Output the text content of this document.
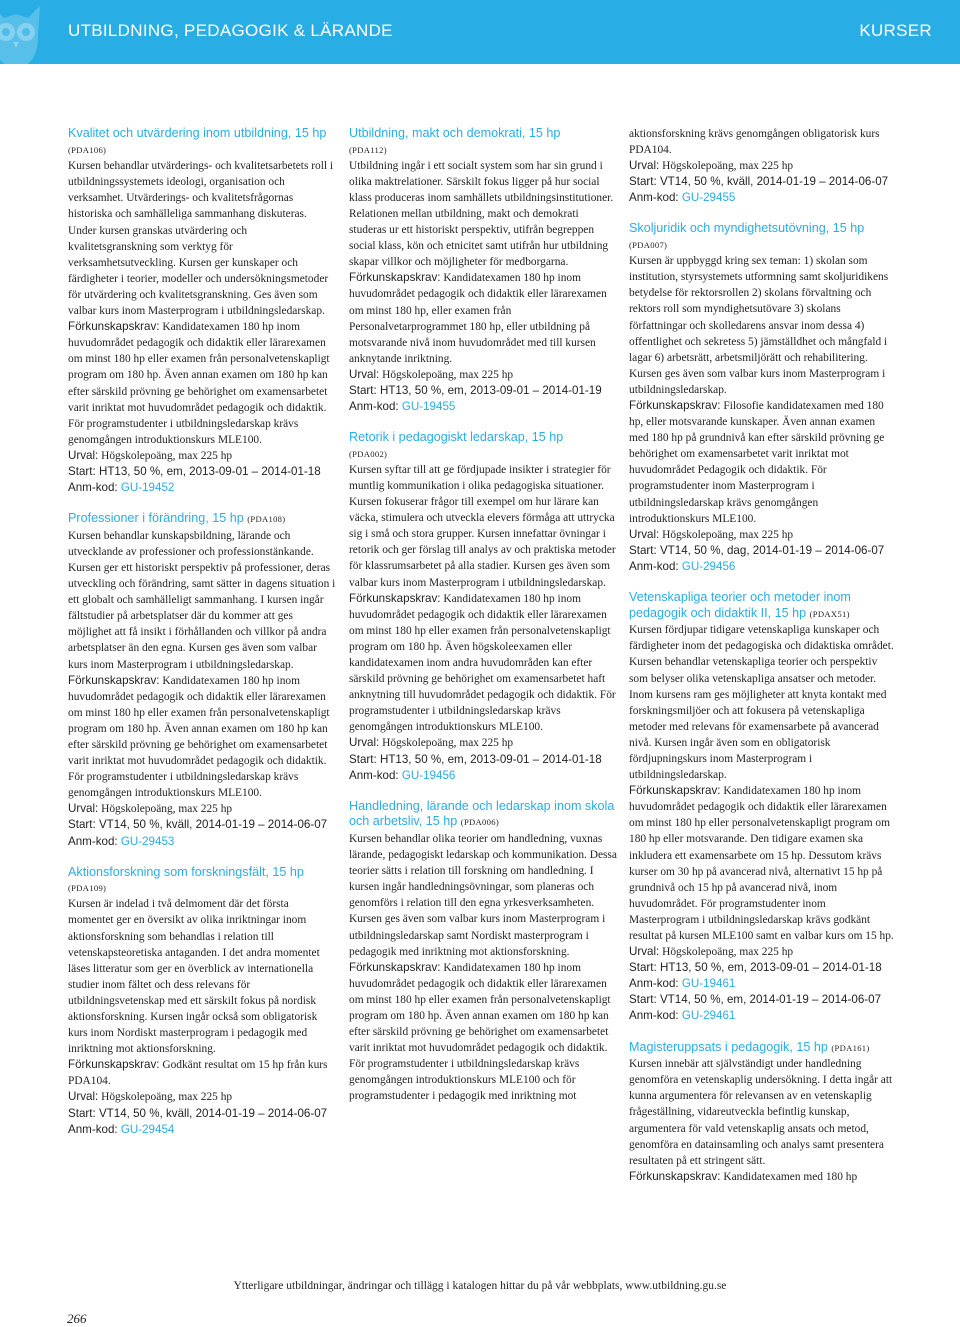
UTBILDNING, PEDAGOGIK & LÄRANDE	KURSER

Kvalitet och utvärdering inom utbildning, 15 hp (PDA106)

Kursen behandlar utvärderings- och kvalitetsarbetets roll i utbildningssystemets ideologi, organisation och verksamhet. Utvärderings- och kvalitetsfrågornas historiska och samhälleliga sammanhang diskuteras. Under kursen granskas utvärdering och kvalitetsgranskning som verktyg för verksamhetsutveckling. Kursen ger kunskaper och färdigheter i teorier, modeller och undersökningsmetoder för utvärdering och kvalitetsgranskning. Ges även som valbar kurs inom Masterprogram i utbildningsledarskap.

Förkunskapskrav: Kandidatexamen 180 hp inom huvudområdet pedagogik och didaktik eller lärarexamen om minst 180 hp eller examen från personalvetenskapligt program om 180 hp. Även annan examen om 180 hp kan efter särskild prövning ge behörighet om examensarbetet varit inriktat mot huvudområdet pedagogik och didaktik. För programstudenter i utbildningsledarskap krävs genomgången introduktionskurs MLE100.

Urval: Högskolepoäng, max 225 hp

Start: HT13, 50 %, em, 2013-09-01 – 2014-01-18

Anm-kod: GU-19452

Professioner i förändring, 15 hp (PDA108)

Kursen behandlar kunskapsbildning, lärande och utvecklande av professioner och professionstänkande. Kursen ger ett historiskt perspektiv på professioner, deras utveckling och förändring, samt sätter in dagens situation i ett globalt och samhälleligt sammanhang. I kursen ingår fältstudier på arbetsplatser där du kommer att ges möjlighet att få insikt i förhållanden och villkor på andra arbetsplatser än den egna. Kursen ges även som valbar kurs inom Masterprogram i utbildningsledarskap.

Förkunskapskrav: Kandidatexamen 180 hp inom huvudområdet pedagogik och didaktik eller lärarexamen om minst 180 hp eller examen från personalvetenskapligt program om 180 hp. Även annan examen om 180 hp kan efter särskild prövning ge behörighet om examensarbetet varit inriktat mot huvudområdet pedagogik och didaktik. För programstudenter i utbildningsledarskap krävs genomgången introduktionskurs MLE100.

Urval: Högskolepoäng, max 225 hp

Start: VT14, 50 %, kväll, 2014-01-19 – 2014-06-07

Anm-kod: GU-29453

Aktionsforskning som forskningsfält, 15 hp

(PDA109)

Kursen är indelad i två delmoment där det första momentet ger en översikt av olika inriktningar inom aktionsforskning som behandlas i relation till vetenskapsteoretiska antaganden. I det andra momentet läses litteratur som ger en överblick av internationella studier inom fältet och dess relevans för utbildningsvetenskap med ett särskilt fokus på nordisk aktionsforskning. Kursen ingår också som obligatorisk kurs inom Nordiskt masterprogram i pedagogik med inriktning mot aktionsforskning.

Förkunskapskrav: Godkänt resultat om 15 hp från kurs PDA104.

Urval: Högskolepoäng, max 225 hp

Start: VT14, 50 %, kväll, 2014-01-19 – 2014-06-07

Anm-kod: GU-29454

Utbildning, makt och demokrati, 15 hp

(PDA112)

Utbildning ingår i ett socialt system som har sin grund i olika maktrelationer. Särskilt fokus ligger på hur social klass produceras inom samhällets utbildningsinstitutioner. Relationen mellan utbildning, makt och demokrati studeras ur ett historiskt perspektiv, utifrån begreppen social klass, kön och etnicitet samt utifrån hur utbildning skapar villkor och möjligheter för medborgarna.

Förkunskapskrav: Kandidatexamen 180 hp inom huvudområdet pedagogik och didaktik eller lärarexamen om minst 180 hp, eller examen från Personalvetarprogrammet 180 hp, eller utbildning på motsvarande nivå inom huvudområdet med till kursen anknytande inriktning.

Urval: Högskolepoäng, max 225 hp

Start: HT13, 50 %, em, 2013-09-01 – 2014-01-19

Anm-kod: GU-19455

Retorik i pedagogiskt ledarskap, 15 hp

(PDA002)

Kursen syftar till att ge fördjupade insikter i strategier för muntlig kommunikation i olika pedagogiska situationer. Kursen fokuserar frågor till exempel om hur lärare kan väcka, stimulera och utveckla elevers förmåga att uttrycka sig i små och stora grupper. Kursen innefattar övningar i retorik och ger förslag till analys av och praktiska metoder för klassrumsarbetet på alla stadier. Kursen ges även som valbar kurs inom Masterprogram i utbildningsledarskap.

Förkunskapskrav: Kandidatexamen 180 hp inom huvudområdet pedagogik och didaktik eller lärarexamen om minst 180 hp eller examen från personalvetenskapligt program om 180 hp. Även högskoleexamen eller kandidatexamen inom andra huvudområden kan efter särskild prövning ge behörighet om examensarbetet haft anknytning till huvudområdet pedagogik och didaktik. För programstudenter i utbildningsledarskap krävs genomgången introduktionskurs MLE100.

Urval: Högskolepoäng, max 225 hp

Start: HT13, 50 %, em, 2013-09-01 – 2014-01-18

Anm-kod: GU-19456

Handledning, lärande och ledarskap inom skola och arbetsliv, 15 hp (PDA006)

Kursen behandlar olika teorier om handledning, vuxnas lärande, pedagogiskt ledarskap och kommunikation. Dessa teorier sätts i relation till forskning om handledning. I kursen ingår handledningsövningar, som planeras och genomförs i relation till den egna yrkesverksamheten. Kursen ges även som valbar kurs inom Masterprogram i utbildningsledarskap samt Nordiskt masterprogram i pedagogik med inriktning mot aktionsforskning.

Förkunskapskrav: Kandidatexamen 180 hp inom huvudområdet pedagogik och didaktik eller lärarexamen om minst 180 hp eller examen från personalvetenskapligt program om 180 hp. Även annan examen om 180 hp kan efter särskild prövning ge behörighet om examensarbetet varit inriktat mot huvudområdet pedagogik och didaktik. För programstudenter i utbildningsledarskap krävs genomgången introduktionskurs MLE100 och för programstudenter i pedagogik med inriktning mot

aktionsforskning krävs genomgången obligatorisk kurs PDA104.

Urval: Högskolepoäng, max 225 hp

Start: VT14, 50 %, kväll, 2014-01-19 – 2014-06-07

Anm-kod: GU-29455

Skoljuridik och myndighetsutövning, 15 hp

(PDA007)

Kursen är uppbyggd kring sex teman: 1) skolan som institution, styrsystemets utformning samt skoljuridikens betydelse för rektorsrollen 2) skolans förvaltning och rektors roll som myndighetsutövare 3) skolans författningar och skolledarens ansvar inom dessa 4) offentlighet och sekretess 5) jämställdhet och mångfald i lagar 6) arbetsrätt, arbetsmiljörätt och rehabilitering. Kursen ges även som valbar kurs inom Masterprogram i utbildningsledarskap.

Förkunskapskrav: Filosofie kandidatexamen med 180 hp, eller motsvarande kunskaper. Även annan examen med 180 hp på grundnivå kan efter särskild prövning ge behörighet om examensarbetet varit inriktat mot huvudområdet Pedagogik och didaktik. För programstudenter inom Masterprogram i utbildningsledarskap krävs genomgången introduktionskurs MLE100.

Urval: Högskolepoäng, max 225 hp

Start: VT14, 50 %, dag, 2014-01-19 – 2014-06-07

Anm-kod: GU-29456

Vetenskapliga teorier och metoder inom pedagogik och didaktik II, 15 hp (PDAX51)

Kursen fördjupar tidigare vetenskapliga kunskaper och färdigheter inom det pedagogiska och didaktiska området. Kursen behandlar vetenskapliga teorier och perspektiv som belyser olika vetenskapliga ansatser och metoder. Inom kursens ram ges möjligheter att knyta kontakt med forskningsmiljöer och att fokusera på vetenskapliga metoder med relevans för examensarbete på avancerad nivå. Kursen ingår även som en obligatorisk fördjupningskurs inom Masterprogram i utbildningsledarskap.

Förkunskapskrav: Kandidatexamen 180 hp inom huvudområdet pedagogik och didaktik eller lärarexamen om minst 180 hp eller personalvetenskapligt program om 180 hp eller motsvarande. Den tidigare examen ska inkludera ett examensarbete om 15 hp. Dessutom krävs kurser om 30 hp på avancerad nivå, alternativt 15 hp på grundnivå och 15 hp på avancerad nivå, inom huvudområdet. För programstudenter inom Masterprogram i utbildningsledarskap krävs godkänt resultat på kursen MLE100 samt en valbar kurs om 15 hp.

Urval: Högskolepoäng, max 225 hp

Start: HT13, 50 %, em, 2013-09-01 – 2014-01-18

Anm-kod: GU-19461

Start: VT14, 50 %, em, 2014-01-19 – 2014-06-07

Anm-kod: GU-29461

Magisteruppsats i pedagogik, 15 hp (PDA161)

Kursen innebär att självständigt under handledning genomföra en vetenskaplig undersökning. I detta ingår att kunna argumentera för relevansen av en vetenskaplig frågeställning, vidareutveckla befintlig kunskap, argumentera för vald vetenskaplig ansats och metod, genomföra en datainsamling och analys samt presentera resultaten på ett stringent sätt.

Förkunskapskrav: Kandidatexamen med 180 hp

Ytterligare utbildningar, ändringar och tillägg i katalogen hittar du på vår webbplats, www.utbildning.gu.se
266
